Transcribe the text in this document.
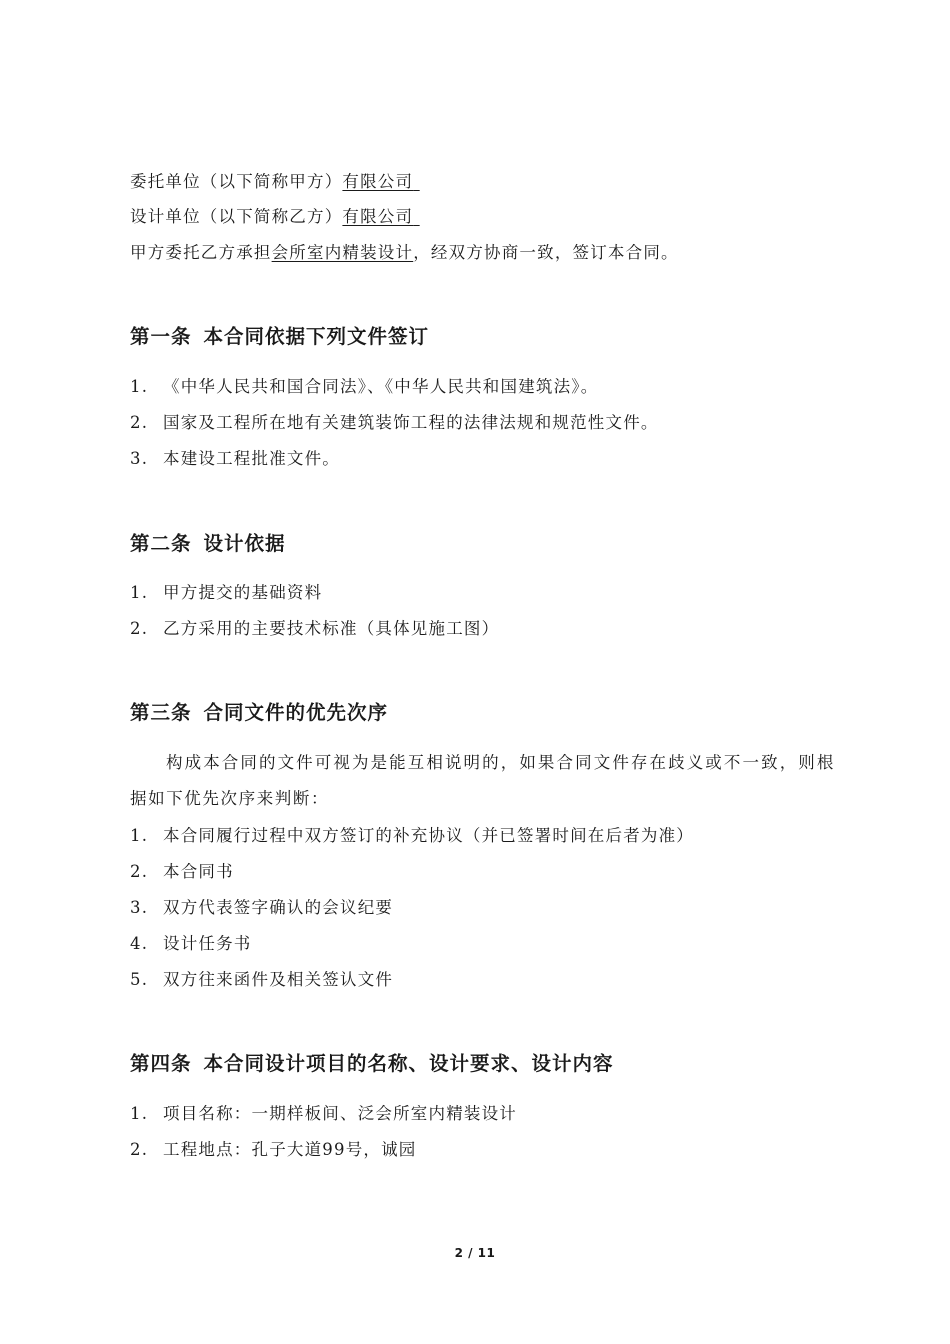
委托单位（以下简称甲方）有限公司
设计单位（以下简称乙方）有限公司
甲方委托乙方承担会所室内精装设计，经双方协商一致，签订本合同。
第一条 本合同依据下列文件签订
1. 《中华人民共和国合同法》、《中华人民共和国建筑法》。
2. 国家及工程所在地有关建筑装饰工程的法律法规和规范性文件。
3. 本建设工程批准文件。
第二条 设计依据
1. 甲方提交的基础资料
2. 乙方采用的主要技术标准（具体见施工图）
第三条 合同文件的优先次序
构成本合同的文件可视为是能互相说明的，如果合同文件存在歧义或不一致，则根据如下优先次序来判断：
1. 本合同履行过程中双方签订的补充协议（并已签署时间在后者为准）
2. 本合同书
3. 双方代表签字确认的会议纪要
4. 设计任务书
5. 双方往来函件及相关签认文件
第四条 本合同设计项目的名称、设计要求、设计内容
1. 项目名称：一期样板间、泛会所室内精装设计
2. 工程地点：孔子大道99号，诚园
2 / 11
